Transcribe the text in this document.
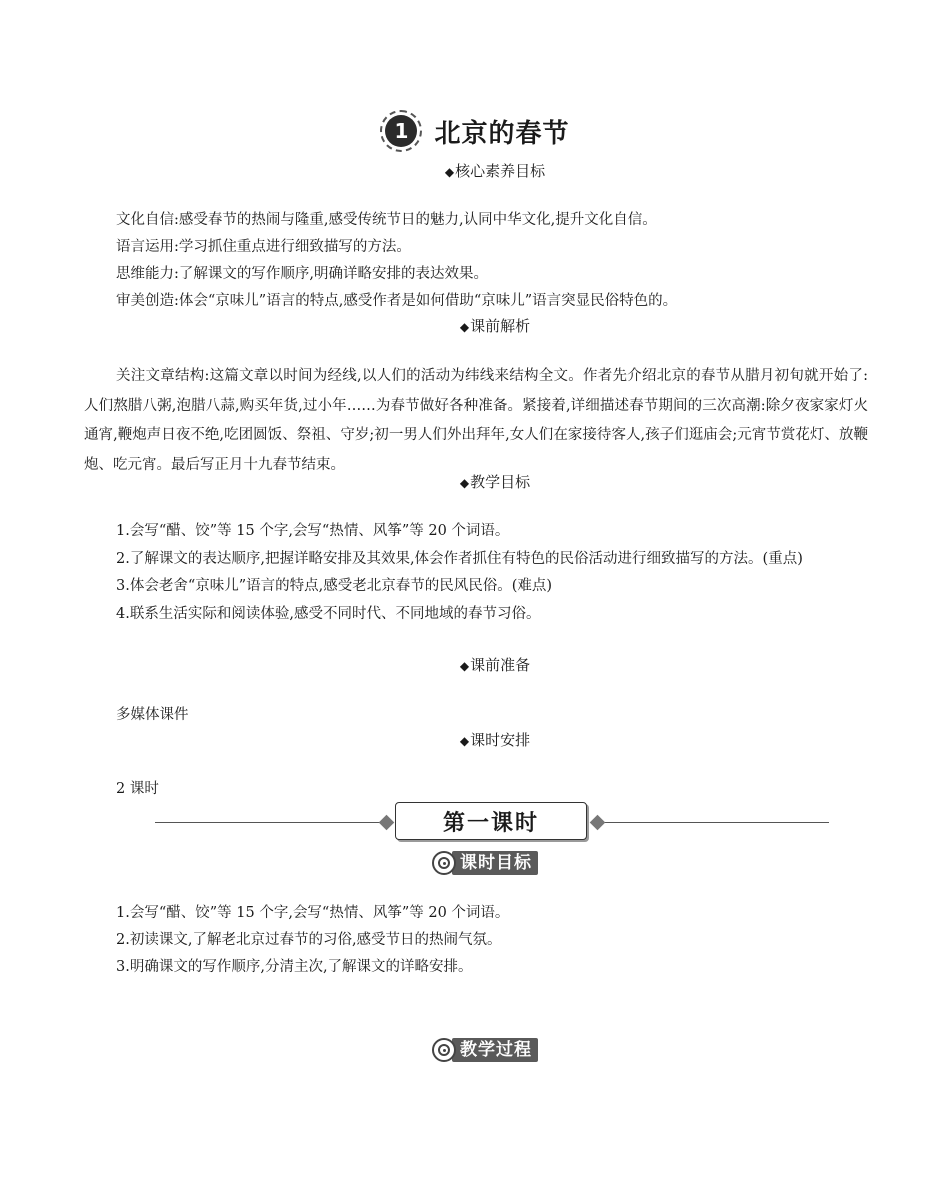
1	北京的春节
◆核心素养目标
文化自信:感受春节的热闹与隆重,感受传统节日的魅力,认同中华文化,提升文化自信。
语言运用:学习抓住重点进行细致描写的方法。
思维能力:了解课文的写作顺序,明确详略安排的表达效果。
审美创造:体会“京味儿”语言的特点,感受作者是如何借助“京味儿”语言突显民俗特色的。
◆课前解析
关注文章结构:这篇文章以时间为经线,以人们的活动为纬线来结构全文。作者先介绍北京的春节从腊月初旬就开始了:人们熬腊八粥,泡腊八蒜,购买年货,过小年……为春节做好各种准备。紧接着,详细描述春节期间的三次高潮:除夕夜家家灯火通宵,鞭炮声日夜不绝,吃团圆饭、祭祖、守岁;初一男人们外出拜年,女人们在家接待客人,孩子们逛庙会;元宵节赏花灯、放鞭炮、吃元宵。最后写正月十九春节结束。
◆教学目标
1.会写“醋、饺”等 15 个字,会写“热情、风筝”等 20 个词语。
2.了解课文的表达顺序,把握详略安排及其效果,体会作者抓住有特色的民俗活动进行细致描写的方法。(重点)
3.体会老舍“京味儿”语言的特点,感受老北京春节的民风民俗。(难点)
4.联系生活实际和阅读体验,感受不同时代、不同地域的春节习俗。
◆课前准备
多媒体课件
◆课时安排
2 课时
第一课时
课时目标
1.会写“醋、饺”等 15 个字,会写“热情、风筝”等 20 个词语。
2.初读课文,了解老北京过春节的习俗,感受节日的热闹气氛。
3.明确课文的写作顺序,分清主次,了解课文的详略安排。
教学过程
